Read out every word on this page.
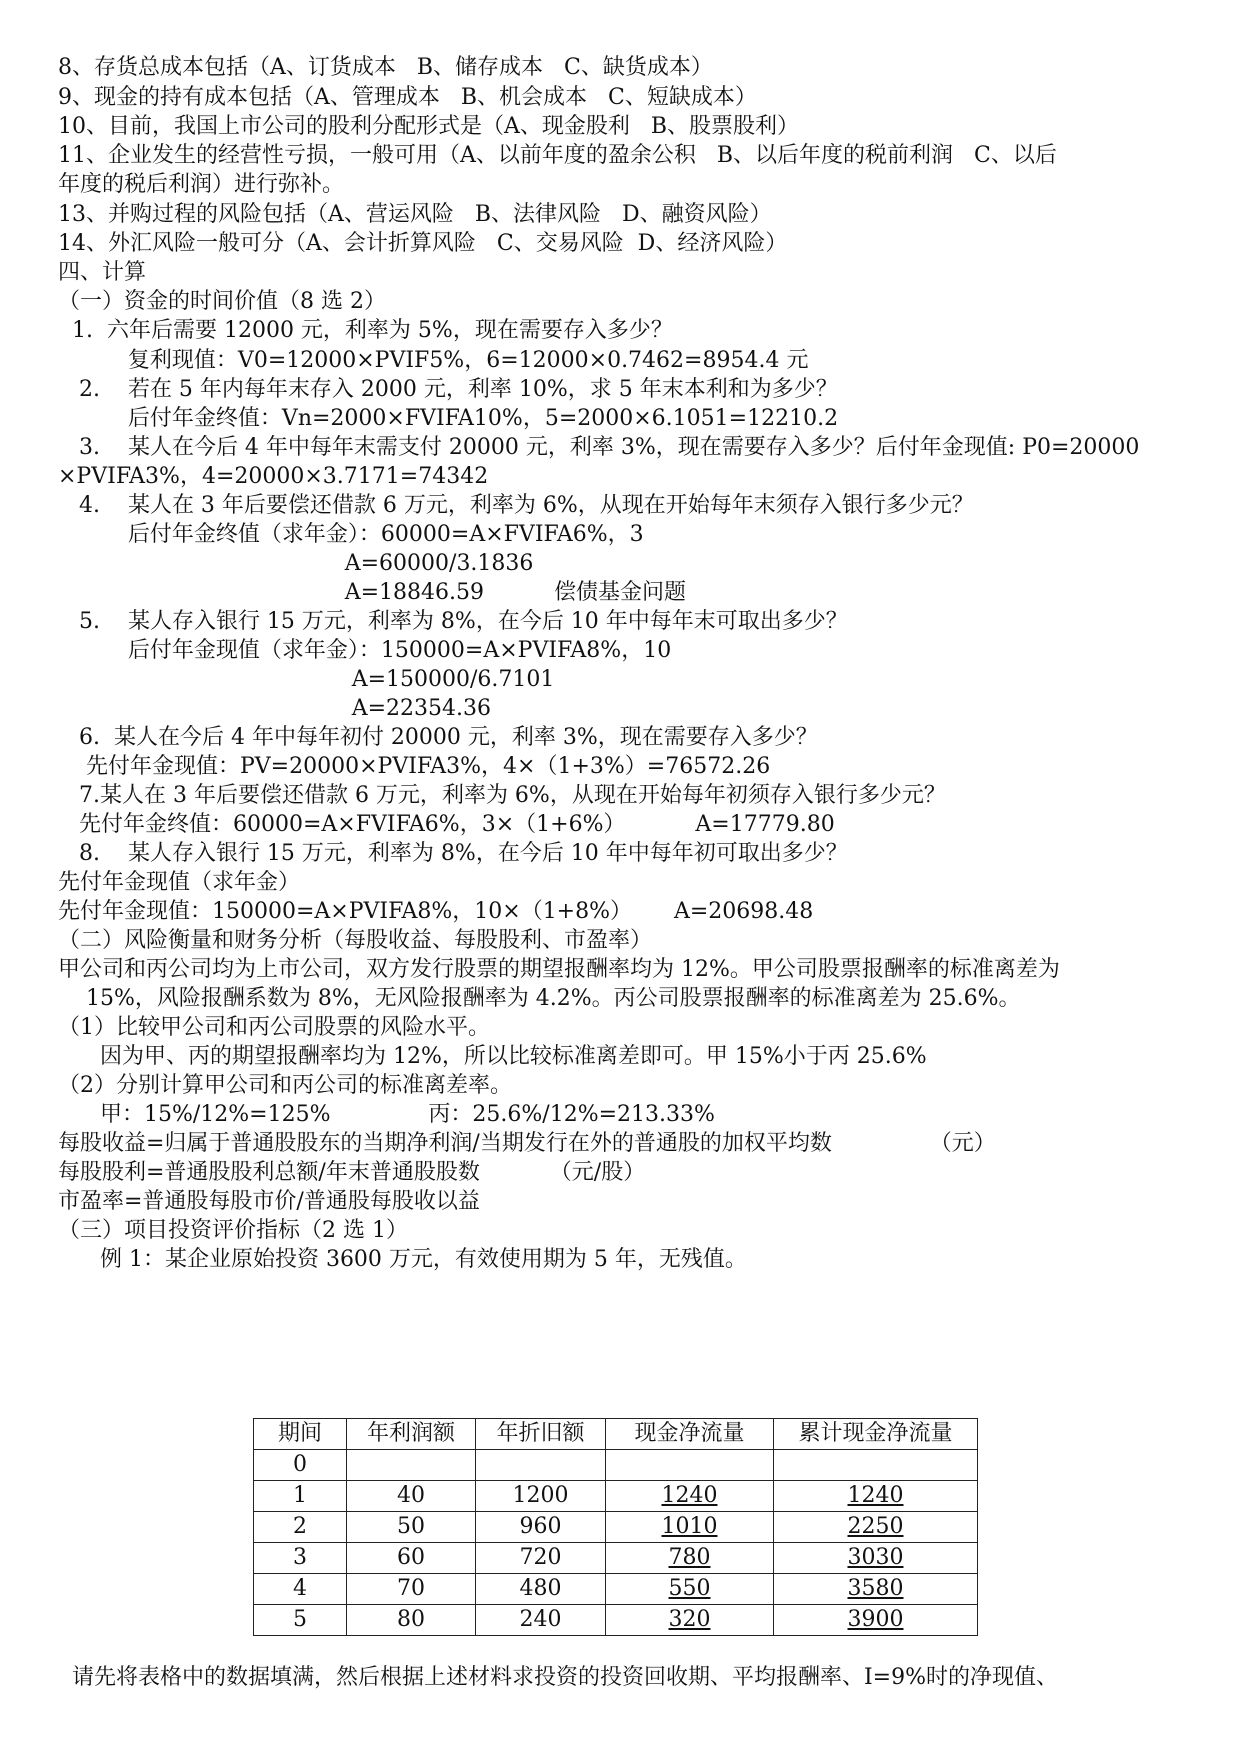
8、存货总成本包括（A、订货成本   B、储存成本   C、缺货成本）
9、现金的持有成本包括（A、管理成本   B、机会成本   C、短缺成本）
10、目前，我国上市公司的股利分配形式是（A、现金股利   B、股票股利）
11、企业发生的经营性亏损，一般可用（A、以前年度的盈余公积   B、以后年度的税前利润   C、以后
年度的税后利润）进行弥补。
13、并购过程的风险包括（A、营运风险   B、法律风险   D、融资风险）
14、外汇风险一般可分（A、会计折算风险   C、交易风险  D、经济风险）
四、计算
（一）资金的时间价值（8 选 2）
1.  六年后需要 12000 元，利率为 5%，现在需要存入多少？
复利现值：V0=12000×PVIF5%，6=12000×0.7462=8954.4 元
2.    若在 5 年内每年末存入 2000 元，利率 10%，求 5 年末本利和为多少？
后付年金终值：Vn=2000×FVIFA10%，5=2000×6.1051=12210.2
3.    某人在今后 4 年中每年末需支付 20000 元，利率 3%，现在需要存入多少？后付年金现值: P0=20000
×PVIFA3%，4=20000×3.7171=74342
4.    某人在 3 年后要偿还借款 6 万元，利率为 6%，从现在开始每年末须存入银行多少元？
后付年金终值（求年金）：60000=A×FVIFA6%，3
A=60000/3.1836
A=18846.59          偿债基金问题
5.    某人存入银行 15 万元，利率为 8%，在今后 10 年中每年末可取出多少？
后付年金现值（求年金）：150000=A×PVIFA8%，10
A=150000/6.7101
A=22354.36
6.  某人在今后 4 年中每年初付 20000 元，利率 3%，现在需要存入多少？
先付年金现值：PV=20000×PVIFA3%，4×（1+3%）=76572.26
7.某人在 3 年后要偿还借款 6 万元，利率为 6%，从现在开始每年初须存入银行多少元？
先付年金终值：60000=A×FVIFA6%，3×（1+6%）          A=17779.80
8.    某人存入银行 15 万元，利率为 8%，在今后 10 年中每年初可取出多少？
先付年金现值（求年金）
先付年金现值：150000=A×PVIFA8%，10×（1+8%）      A=20698.48
（二）风险衡量和财务分析（每股收益、每股股利、市盈率）
甲公司和丙公司均为上市公司，双方发行股票的期望报酬率均为 12%。甲公司股票报酬率的标准离差为
15%，风险报酬系数为 8%，无风险报酬率为 4.2%。丙公司股票报酬率的标准离差为 25.6%。
（1）比较甲公司和丙公司股票的风险水平。
因为甲、丙的期望报酬率均为 12%，所以比较标准离差即可。甲 15%小于丙 25.6%
（2）分别计算甲公司和丙公司的标准离差率。
甲：15%/12%=125%              丙：25.6%/12%=213.33%
每股收益=归属于普通股股东的当期净利润/当期发行在外的普通股的加权平均数              （元）
每股股利=普通股股利总额/年末普通股股数          （元/股）
市盈率=普通股每股市价/普通股每股收以益
（三）项目投资评价指标（2 选 1）
例 1：某企业原始投资 3600 万元，有效使用期为 5 年，无残值。
期间	年利润额	年折旧额	现金净流量	累计现金净流量
0				
1	40	1200	1240	1240
2	50	960	1010	2250
3	60	720	780	3030
4	70	480	550	3580
5	80	240	320	3900
请先将表格中的数据填满，然后根据上述材料求投资的投资回收期、平均报酬率、I=9%时的净现值、
